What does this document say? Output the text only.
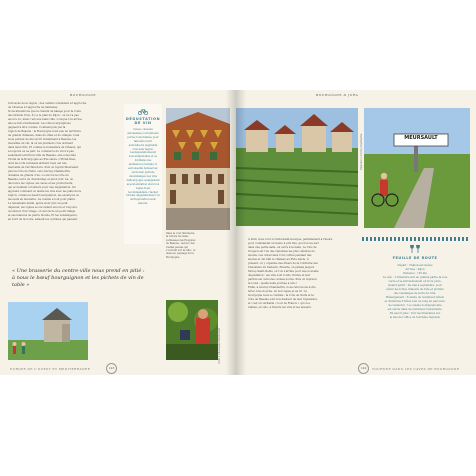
BOURGOGNE
retrouvés de la région ; des celliers s'étendent à l'approche
de l'Avenue à l'approche de Santenay.
Nous attendrons que le chemin de halage pour la route
des Grands Crus. Il y a le plan de Dijon : on ne l'a pas
encore vu, mais c'est une belle ville ; lorsque l'on arrive,
elle se fait si facilement. Les vins bourguignons
gagnent à être connus. Commençons par la
région de Beaune : la Bourgogne n'est pas un territoire
de grands châteaux, mais de villes et de villages. Cela
nous permet de découvrir notamment à Beaune, les
murailles du vin, là où les premiers crus dorment
dans leurs fûts. Et comme le monastère de Cîteaux, qui
a toujours eu sa part. Le commerce du vin n'a pas
seulement enrichi la ville de Beaune, elle a façonné
l'hôtel de la Bourgogne au XVe siècle. L'Hôtel-Dieu,
dont les toits vernissés attirent l'œil, est une
merveille de l'architecture. Puis on rejoint Meursault,
puis la Côte de Nuits, vers Gevrey-Chambertin,
domaine de grands crus, ou encore la Côte de
Beaune, terre de chardonnay et pinot noir. Là, on
découvre les vignes, les caves et les producteurs,
qui accueillent volontiers pour une dégustation. On
apprend comment on marie les vins avec les plats de la
région, comme le bœuf bourguignon, les escargots ou
les œufs en meurette. La cuisine a tout pour plaire.
Le lendemain matin, après avoir pris un petit
déjeuner, les vignes se succèdent encore et toujours.
Au détour d'un virage, on découvre un petit village
et ses maisons de pierre blonde. Et les vendangeurs,
au bord de la route, saluent les cyclistes qui passent.
DÉGUSTATION DE VIN
Caves, caveaux etdomaines ouvrentleurs portes toutel'année pour fairedécouvrir auxvisiteurs lesgrands crus dela région. Lesdégustationssont souventgratuites et se fontdans une ambianceconviviale. Il estconseillé deréserver, surtouten période devendanges.Les vins deBourgogne sedégustent avecmodération etun bon repas.Il est recommandéde cracher lorsdes dégustationssi l'on doitreprendre levélo ensuite.
Dans la cour intérieure, la toiture de tuiles vernissées des Hospices de Beaune ; autour, des ruelles pavées qui s'ouvrent sur la ville ; ci-dessous, paysage de la Bourgogne.
« Une brasserie du centre-ville nous prend en pitié : à nous le bœuf bourguignon et les pichets de vin de table »
Arrêt à Chassagne-Montrachet
EUROPE DE L'OUEST ET MÉDITERRANÉE	146
BOURGOGNE & JURA
Déjeuner à Gevrey-Chambertin	MEURSAULT
À midi, nous voici à Nuits-Saint-Georges, parfaitement à l'heure
pour commander un menu à prix fixe, qu'on nous sert
dans une petite salle, un verre à la main. Le Clos de
Vougeot est l'un des vignobles les plus célèbres du
monde. Les cisterciens l'ont cultivé pendant des
siècles et ont bâti le château au XVIe siècle. À
présent, on y organise des dîners de la Confrérie des
Chevaliers du Tastevin. Ensuite, on pédale jusqu'à
Morey-Saint-Denis, où l'on s'arrête pour une nouvelle
dégustation : les vins sont ronds, fruités et leur
parfum est celui des cerises noires. Puis on reprend
la route : quelle belle journée à vélo !
Enfin, à Gevrey-Chambertin, nous retrouvons notre
hôtel. Une douche, un bon repas et au lit : la
bourgogne nous a comblés ; la Côte de Nuits et la
Côte de Beaune sont à la hauteur de leur réputation,
et c'est un véritable « tour de France » qu'on a
réalisé, en vélo, à travers les vins et les saveurs.
FEUILLE DE ROUTE
Départ : Chalon-sur-Saône
Arrivée : Dijon
Distance : 135 km
Le vélo : L'itinéraire suit en grande partie la voie
verte et se fait facilement en trois jours.
Quand partir : De mai à septembre, pour
éviter les fortes chaleurs de l'été et profiter
des vendanges de la fin de l'été.
Hébergement : Il existe de nombreux hôtels
et chambres d'hôtes tout au long du parcours.
Se restaurer : La cuisine bourguignonne
est servie dans de nombreux restaurants.
En savoir plus : Voir les itinéraires sur
le site de l'office de tourisme régional.
149	TOURNÉE DANS LES CAVES DE BOURGOGNE
